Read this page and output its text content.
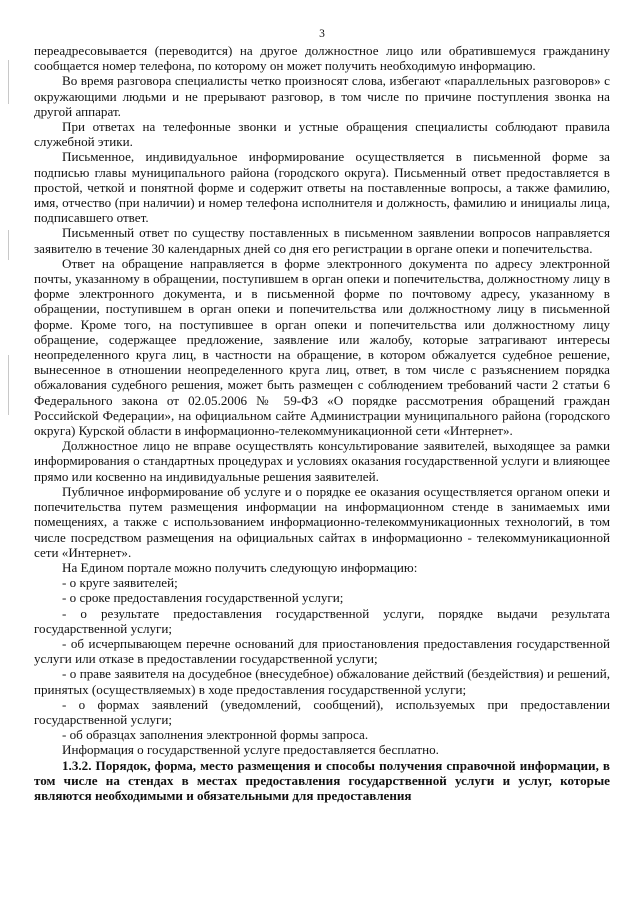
3

переадресовывается (переводится) на другое должностное лицо или обратившемуся гражданину сообщается номер телефона, по которому он может получить необходимую информацию.

Во время разговора специалисты четко произносят слова, избегают «параллельных разговоров» с окружающими людьми и не прерывают разговор, в том числе по причине поступления звонка на другой аппарат.

При ответах на телефонные звонки и устные обращения специалисты соблюдают правила служебной этики.

Письменное, индивидуальное информирование осуществляется в письменной форме за подписью главы муниципального района (городского округа). Письменный ответ предоставляется в простой, четкой и понятной форме и содержит ответы на поставленные вопросы, а также фамилию, имя, отчество (при наличии) и номер телефона исполнителя и должность, фамилию и инициалы лица, подписавшего ответ.

Письменный ответ по существу поставленных в письменном заявлении вопросов направляется заявителю в течение 30 календарных дней со дня его регистрации в органе опеки и попечительства.

Ответ на обращение направляется в форме электронного документа по адресу электронной почты, указанному в обращении, поступившем в орган опеки и попечительства, должностному лицу в форме электронного документа, и в письменной форме по почтовому адресу, указанному в обращении, поступившем в орган опеки и попечительства или должностному лицу в письменной форме. Кроме того, на поступившее в орган опеки и попечительства или должностному лицу обращение, содержащее предложение, заявление или жалобу, которые затрагивают интересы неопределенного круга лиц, в частности на обращение, в котором обжалуется судебное решение, вынесенное в отношении неопределенного круга лиц, ответ, в том числе с разъяснением порядка обжалования судебного решения, может быть размещен с соблюдением требований части 2 статьи 6 Федерального закона от 02.05.2006 № 59-ФЗ «О порядке рассмотрения обращений граждан Российской Федерации», на официальном сайте Администрации муниципального района (городского округа) Курской области в информационно-телекоммуникационной сети «Интернет».

Должностное лицо не вправе осуществлять консультирование заявителей, выходящее за рамки информирования о стандартных процедурах и условиях оказания государственной услуги и влияющее прямо или косвенно на индивидуальные решения заявителей.

Публичное информирование об услуге и о порядке ее оказания осуществляется органом опеки и попечительства путем размещения информации на информационном стенде в занимаемых ими помещениях, а также с использованием информационно-телекоммуникационных технологий, в том числе посредством размещения на официальных сайтах в информационно - телекоммуникационной сети «Интернет».

На Едином портале можно получить следующую информацию:

- о круге заявителей;

- о сроке предоставления государственной услуги;

- о результате предоставления государственной услуги, порядке выдачи результата государственной услуги;

- об исчерпывающем перечне оснований для приостановления предоставления государственной услуги или отказе в предоставлении государственной услуги;

- о праве заявителя на досудебное (внесудебное) обжалование действий (бездействия) и решений, принятых (осуществляемых) в ходе предоставления государственной услуги;

- о формах заявлений (уведомлений, сообщений), используемых при предоставлении государственной услуги;

- об образцах заполнения электронной формы запроса.

Информация о государственной услуге предоставляется бесплатно.

1.3.2. Порядок, форма, место размещения и способы получения справочной информации, в том числе на стендах в местах предоставления государственной услуги и услуг, которые являются необходимыми и обязательными для предоставления
